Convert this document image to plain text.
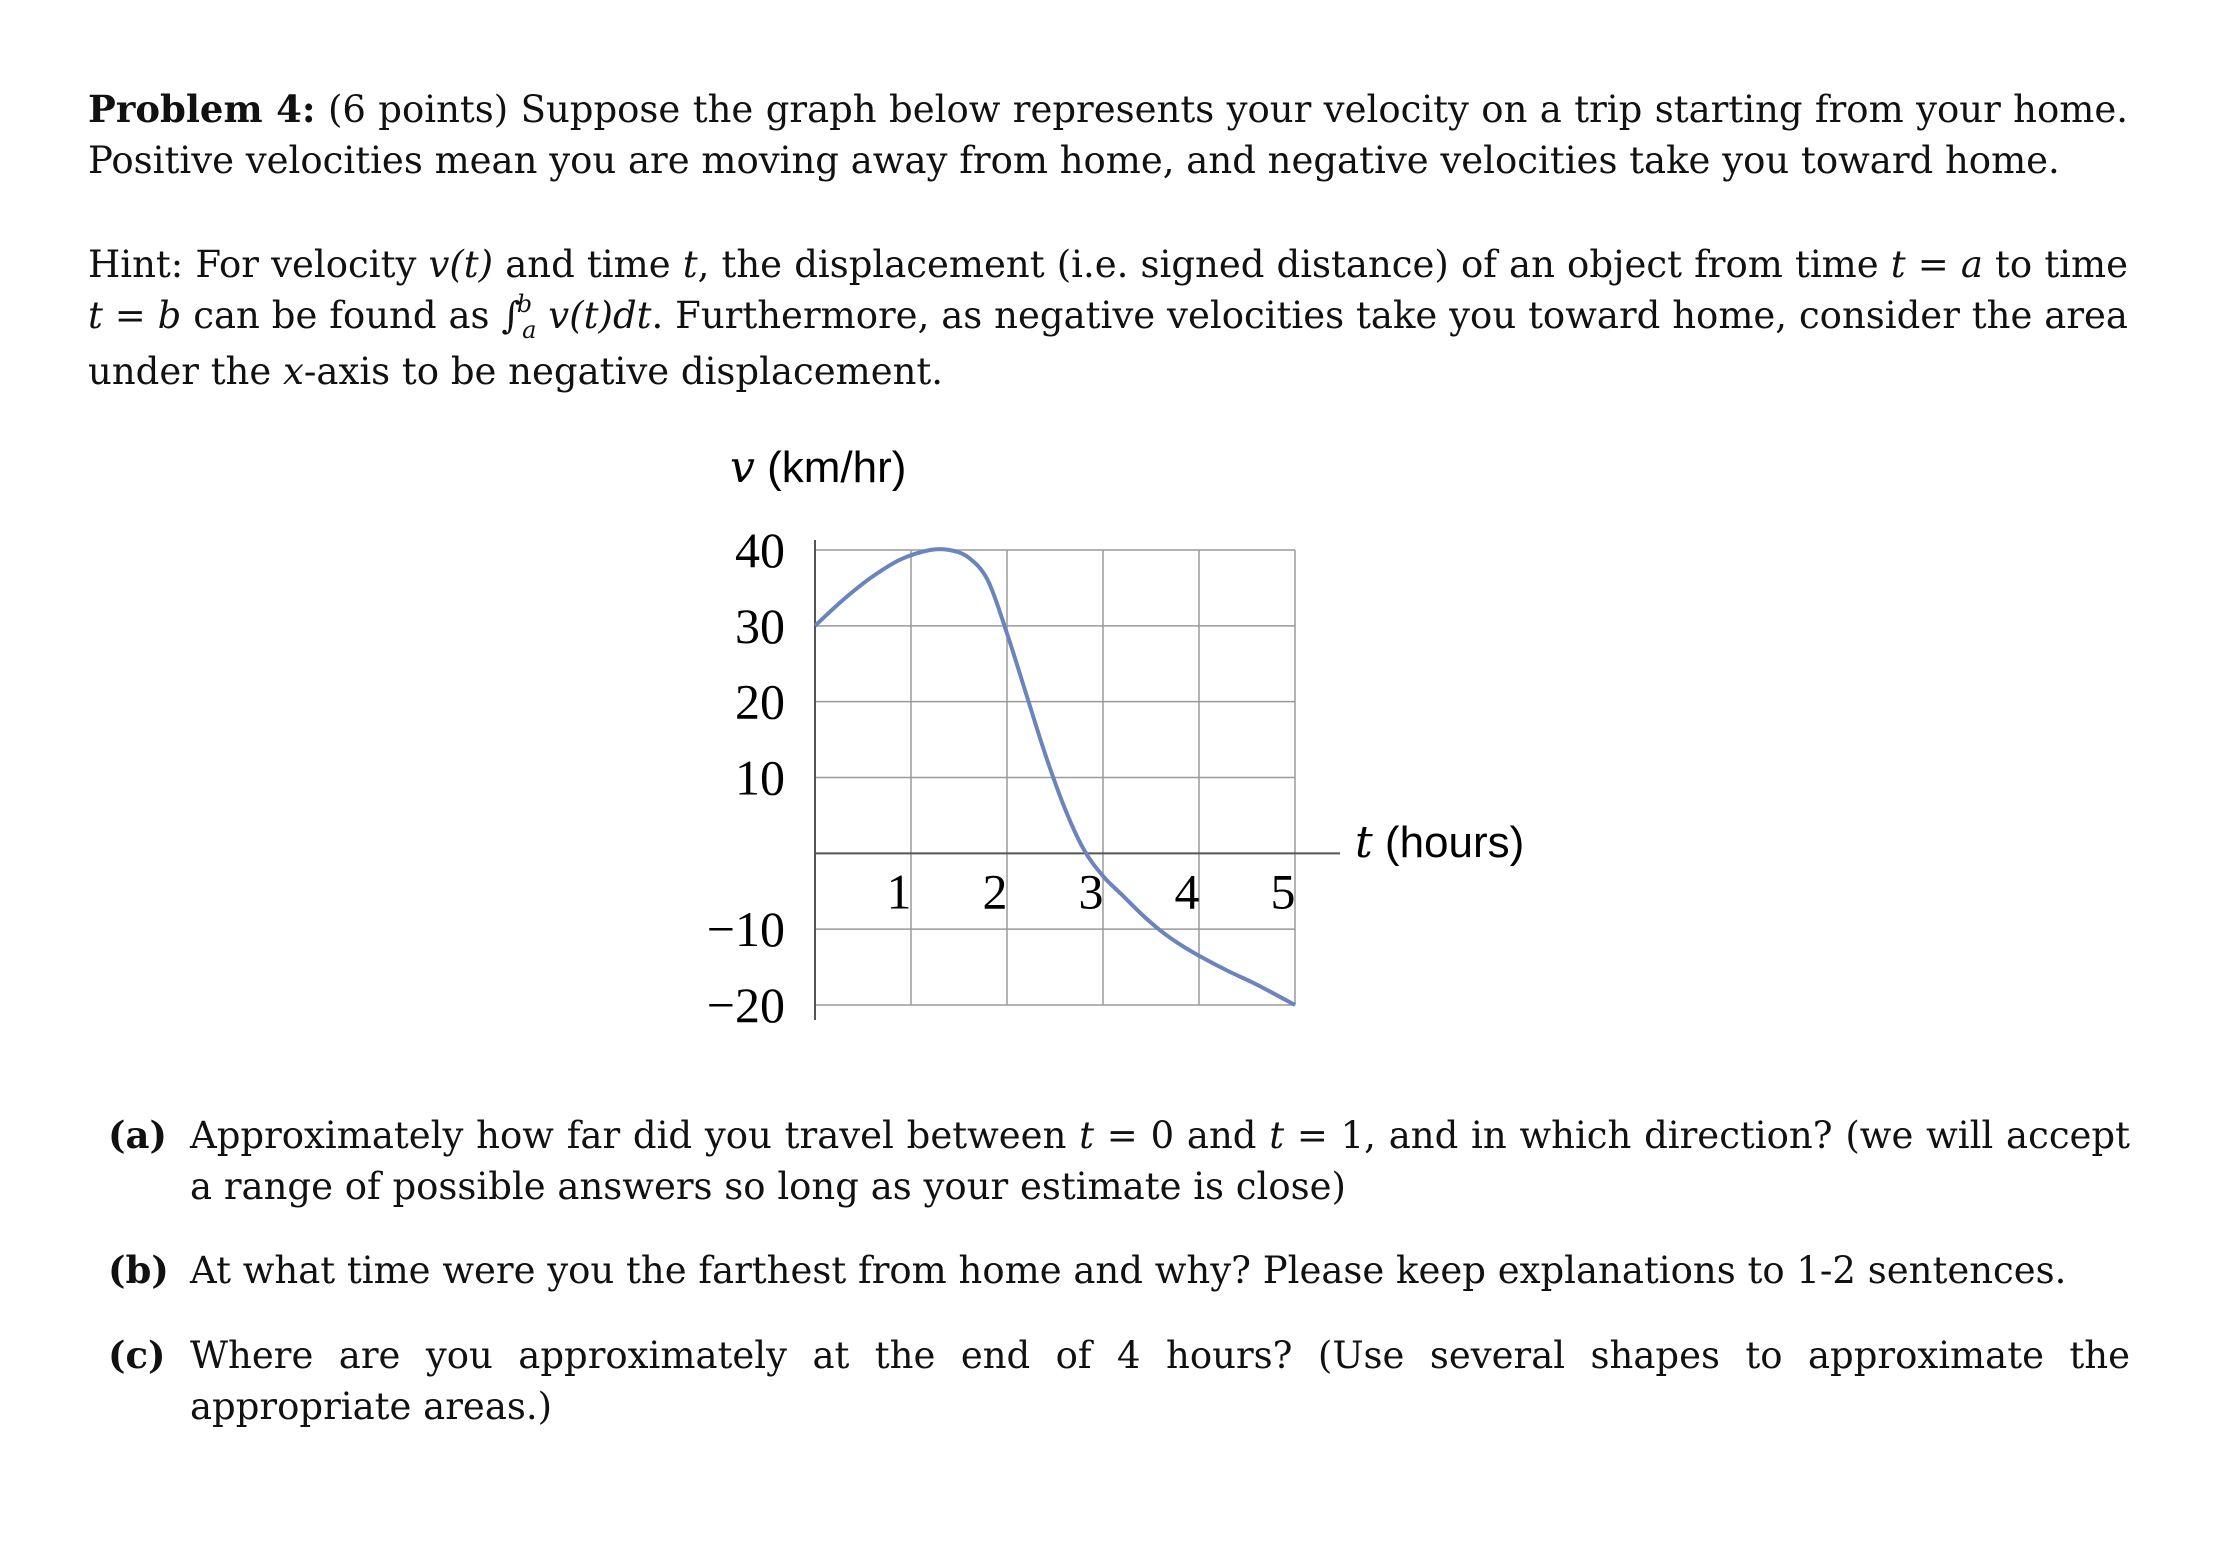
Problem 4: (6 points) Suppose the graph below represents your velocity on a trip starting from your home. Positive velocities mean you are moving away from home, and negative velocities take you toward home.
Hint: For velocity v(t) and time t, the displacement (i.e. signed distance) of an object from time t = a to time t = b can be found as ∫$^b_a$ v(t)dt. Furthermore, as negative velocities take you toward home, consider the area under the x-axis to be negative displacement.
40
30
20
10
−10
−20
1 2 3 4 5
v (km/hr)
t (hours)
(a) Approximately how far did you travel between t = 0 and t = 1, and in which direction? (we will accept a range of possible answers so long as your estimate is close)
(b) At what time were you the farthest from home and why? Please keep explanations to 1-2 sentences.
(c) Where are you approximately at the end of 4 hours? (Use several shapes to approximate the appropriate areas.)
